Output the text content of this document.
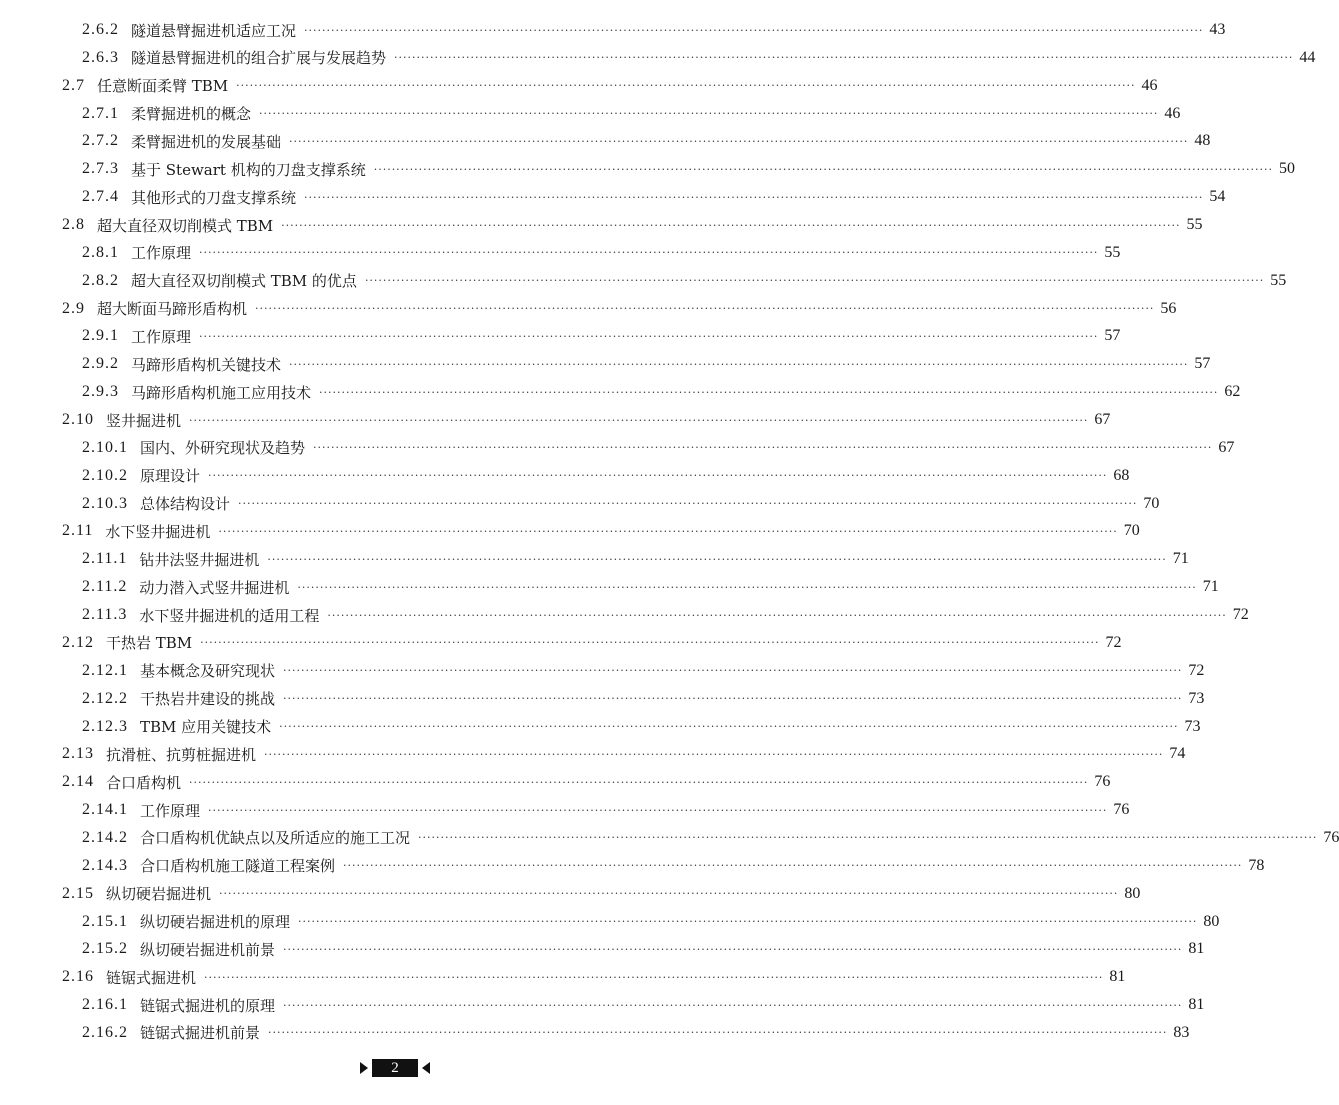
2.6.2 隧道悬臂掘进机适应工况 ········································································································································································································ 43
2.6.3 隧道悬臂掘进机的组合扩展与发展趋势 ········································································································································································································ 44
2.7 任意断面柔臂 TBM ········································································································································································································ 46
2.7.1 柔臂掘进机的概念 ········································································································································································································ 46
2.7.2 柔臂掘进机的发展基础 ········································································································································································································ 48
2.7.3 基于 Stewart 机构的刀盘支撑系统 ········································································································································································································ 50
2.7.4 其他形式的刀盘支撑系统 ········································································································································································································ 54
2.8 超大直径双切削模式 TBM ········································································································································································································ 55
2.8.1 工作原理 ········································································································································································································ 55
2.8.2 超大直径双切削模式 TBM 的优点 ········································································································································································································ 55
2.9 超大断面马蹄形盾构机 ········································································································································································································ 56
2.9.1 工作原理 ········································································································································································································ 57
2.9.2 马蹄形盾构机关键技术 ········································································································································································································ 57
2.9.3 马蹄形盾构机施工应用技术 ········································································································································································································ 62
2.10 竖井掘进机 ········································································································································································································ 67
2.10.1 国内、外研究现状及趋势 ········································································································································································································ 67
2.10.2 原理设计 ········································································································································································································ 68
2.10.3 总体结构设计 ········································································································································································································ 70
2.11 水下竖井掘进机 ········································································································································································································ 70
2.11.1 钻井法竖井掘进机 ········································································································································································································ 71
2.11.2 动力潜入式竖井掘进机 ········································································································································································································ 71
2.11.3 水下竖井掘进机的适用工程 ········································································································································································································ 72
2.12 干热岩 TBM ········································································································································································································ 72
2.12.1 基本概念及研究现状 ········································································································································································································ 72
2.12.2 干热岩井建设的挑战 ········································································································································································································ 73
2.12.3 TBM 应用关键技术 ········································································································································································································ 73
2.13 抗滑桩、抗剪桩掘进机 ········································································································································································································ 74
2.14 合口盾构机 ········································································································································································································ 76
2.14.1 工作原理 ········································································································································································································ 76
2.14.2 合口盾构机优缺点以及所适应的施工工况 ········································································································································································································ 76
2.14.3 合口盾构机施工隧道工程案例 ········································································································································································································ 78
2.15 纵切硬岩掘进机 ········································································································································································································ 80
2.15.1 纵切硬岩掘进机的原理 ········································································································································································································ 80
2.15.2 纵切硬岩掘进机前景 ········································································································································································································ 81
2.16 链锯式掘进机 ········································································································································································································ 81
2.16.1 链锯式掘进机的原理 ········································································································································································································ 81
2.16.2 链锯式掘进机前景 ········································································································································································································ 83
2
